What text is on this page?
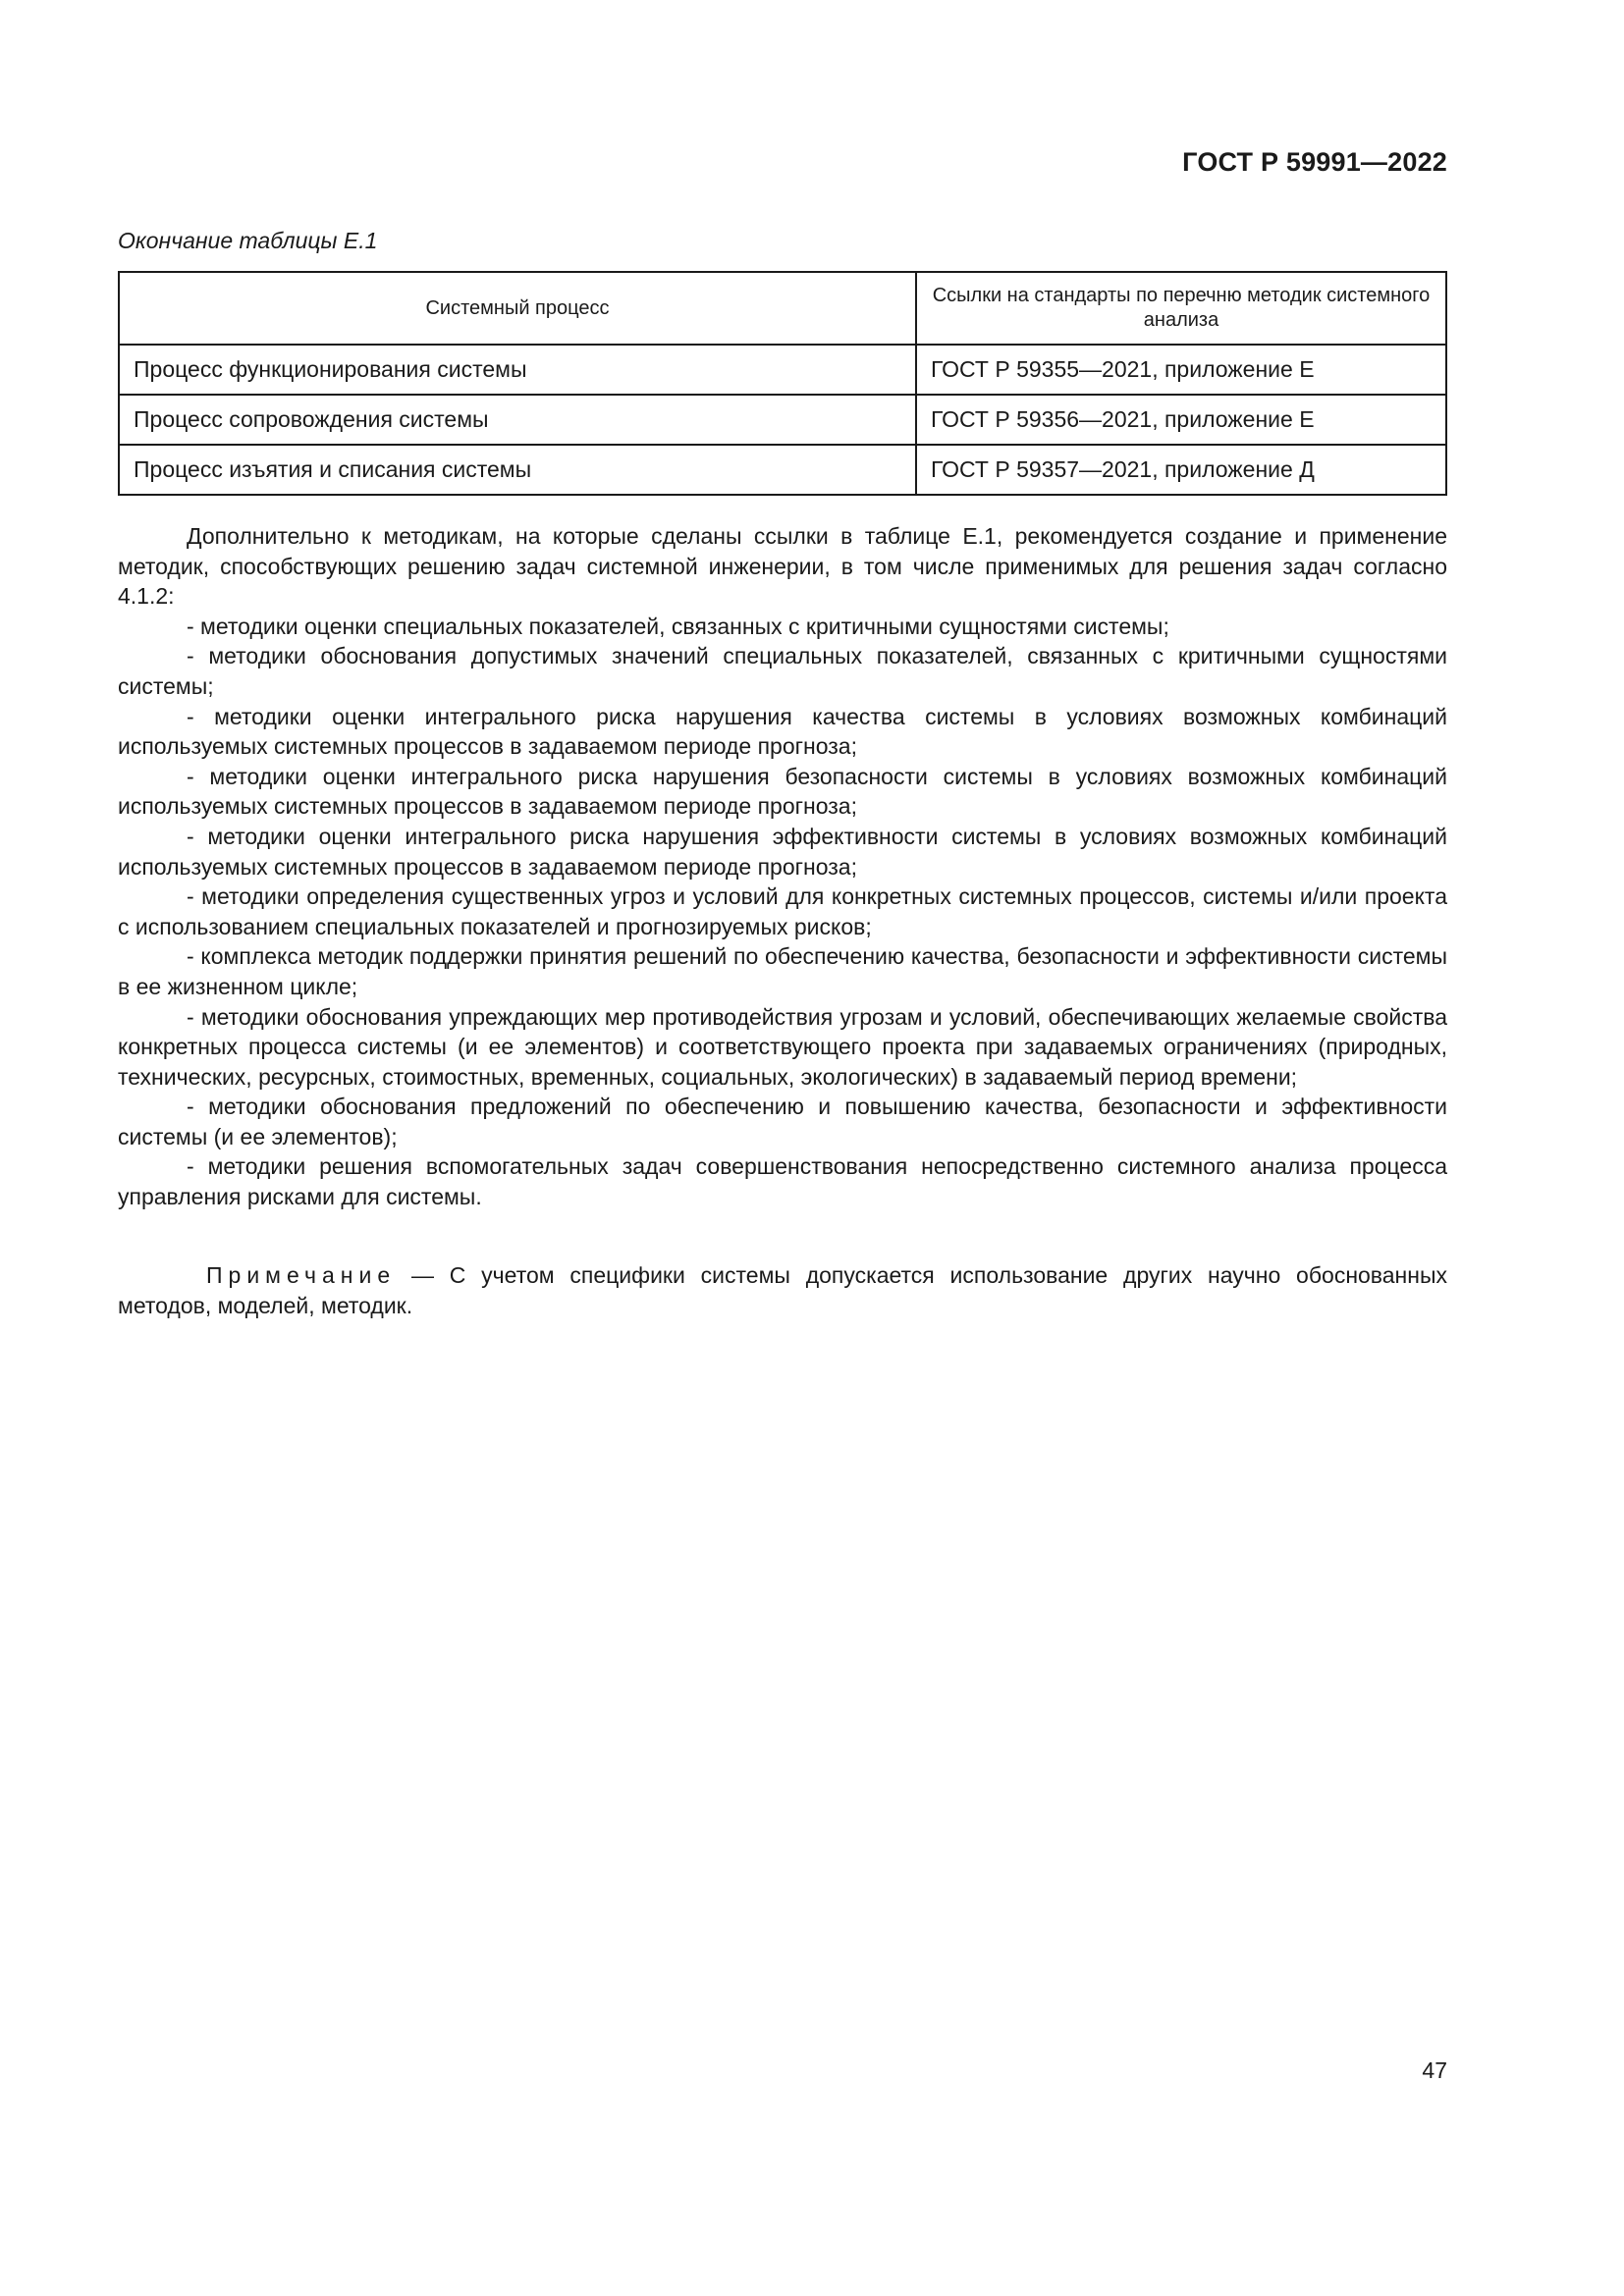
ГОСТ Р 59991—2022
Окончание таблицы Е.1
Системный процесс	Ссылки на стандарты по перечню методик системного анализа
Процесс функционирования системы	ГОСТ Р 59355—2021, приложение Е
Процесс сопровождения системы	ГОСТ Р 59356—2021, приложение Е
Процесс изъятия и списания системы	ГОСТ Р 59357—2021, приложение Д

Дополнительно к методикам, на которые сделаны ссылки в таблице Е.1, рекомендуется создание и применение методик, способствующих решению задач системной инженерии, в том числе применимых для решения задач согласно 4.1.2:

- методики оценки специальных показателей, связанных с критичными сущностями системы;

- методики обоснования допустимых значений специальных показателей, связанных с критичными сущностями системы;

- методики оценки интегрального риска нарушения качества системы в условиях возможных комбинаций используемых системных процессов в задаваемом периоде прогноза;

- методики оценки интегрального риска нарушения безопасности системы в условиях возможных комбинаций используемых системных процессов в задаваемом периоде прогноза;

- методики оценки интегрального риска нарушения эффективности системы в условиях возможных комбинаций используемых системных процессов в задаваемом периоде прогноза;

- методики определения существенных угроз и условий для конкретных системных процессов, системы и/или проекта с использованием специальных показателей и прогнозируемых рисков;

- комплекса методик поддержки принятия решений по обеспечению качества, безопасности и эффективности системы в ее жизненном цикле;

- методики обоснования упреждающих мер противодействия угрозам и условий, обеспечивающих желаемые свойства конкретных процесса системы (и ее элементов) и соответствующего проекта при задаваемых ограничениях (природных, технических, ресурсных, стоимостных, временных, социальных, экологических) в задаваемый период времени;

- методики обоснования предложений по обеспечению и повышению качества, безопасности и эффективности системы (и ее элементов);

- методики решения вспомогательных задач совершенствования непосредственно системного анализа процесса управления рисками для системы.

Примечание — С учетом специфики системы допускается использование других научно обоснованных методов, моделей, методик.

47
